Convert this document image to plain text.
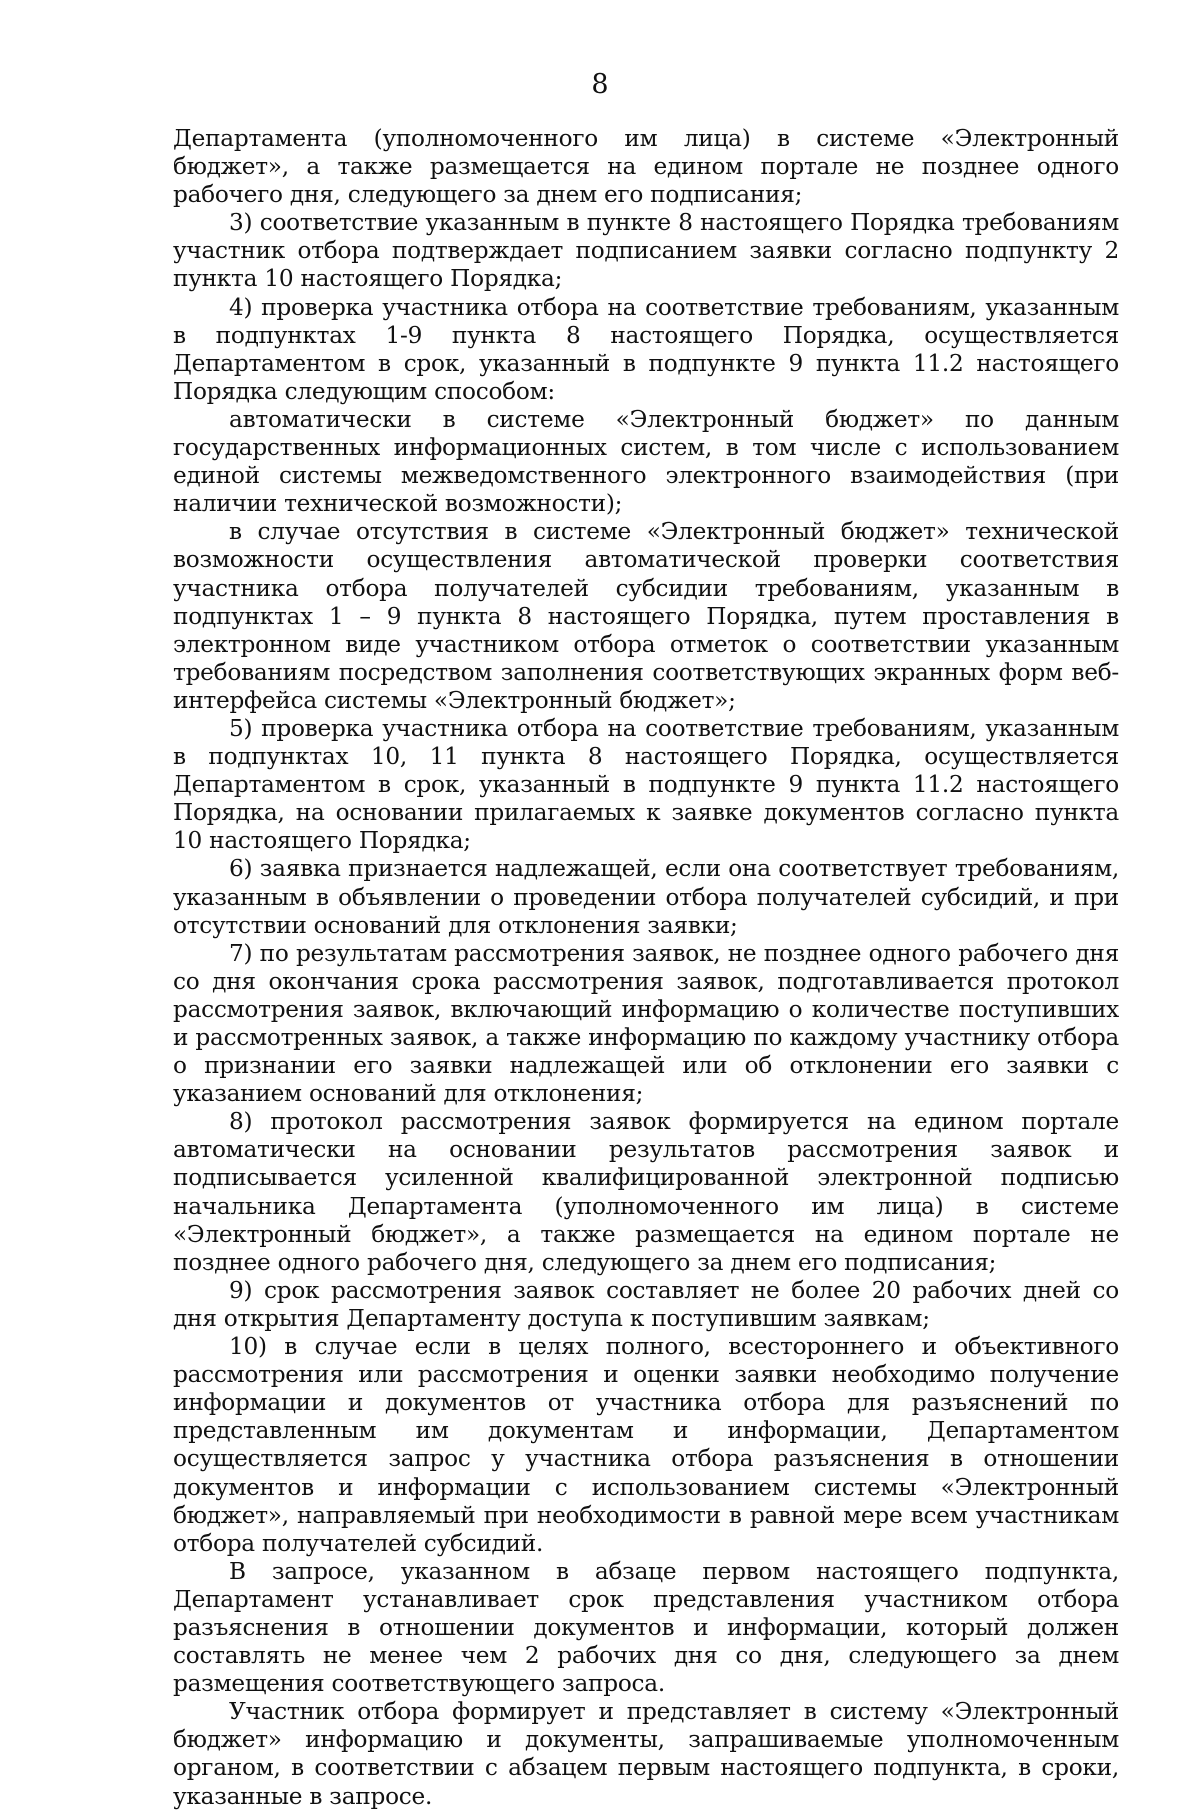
8

Департамента (уполномоченного им лица) в системе «Электронный бюджет», а также размещается на едином портале не позднее одного рабочего дня, следующего за днем его подписания;

3) соответствие указанным в пункте 8 настоящего Порядка требованиям участник отбора подтверждает подписанием заявки согласно подпункту 2 пункта 10 настоящего Порядка;

4) проверка участника отбора на соответствие требованиям, указанным в подпунктах 1-9 пункта 8 настоящего Порядка, осуществляется Департаментом в срок, указанный в подпункте 9 пункта 11.2 настоящего Порядка следующим способом:

автоматически в системе «Электронный бюджет» по данным государственных информационных систем, в том числе с использованием единой системы межведомственного электронного взаимодействия (при наличии технической возможности);

в случае отсутствия в системе «Электронный бюджет» технической возможности осуществления автоматической проверки соответствия участника отбора получателей субсидии требованиям, указанным в подпунктах 1 – 9 пункта 8 настоящего Порядка, путем проставления в электронном виде участником отбора отметок о соответствии указанным требованиям посредством заполнения соответствующих экранных форм веб-интерфейса системы «Электронный бюджет»;

5) проверка участника отбора на соответствие требованиям, указанным в подпунктах 10, 11 пункта 8 настоящего Порядка, осуществляется Департаментом в срок, указанный в подпункте 9 пункта 11.2 настоящего Порядка, на основании прилагаемых к заявке документов согласно пункта 10 настоящего Порядка;

6) заявка признается надлежащей, если она соответствует требованиям, указанным в объявлении о проведении отбора получателей субсидий, и при отсутствии оснований для отклонения заявки;

7) по результатам рассмотрения заявок, не позднее одного рабочего дня со дня окончания срока рассмотрения заявок, подготавливается протокол рассмотрения заявок, включающий информацию о количестве поступивших и рассмотренных заявок, а также информацию по каждому участнику отбора о признании его заявки надлежащей или об отклонении его заявки с указанием оснований для отклонения;

8) протокол рассмотрения заявок формируется на едином портале автоматически на основании результатов рассмотрения заявок и подписывается усиленной квалифицированной электронной подписью начальника Департамента (уполномоченного им лица) в системе «Электронный бюджет», а также размещается на едином портале не позднее одного рабочего дня, следующего за днем его подписания;

9) срок рассмотрения заявок составляет не более 20 рабочих дней со дня открытия Департаменту доступа к поступившим заявкам;

10) в случае если в целях полного, всестороннего и объективного рассмотрения или рассмотрения и оценки заявки необходимо получение информации и документов от участника отбора для разъяснений по представленным им документам и информации, Департаментом осуществляется запрос у участника отбора разъяснения в отношении документов и информации с использованием системы «Электронный бюджет», направляемый при необходимости в равной мере всем участникам отбора получателей субсидий.

В запросе, указанном в абзаце первом настоящего подпункта, Департамент устанавливает срок представления участником отбора разъяснения в отношении документов и информации, который должен составлять не менее чем 2 рабочих дня со дня, следующего за днем размещения соответствующего запроса.

Участник отбора формирует и представляет в систему «Электронный бюджет» информацию и документы, запрашиваемые уполномоченным органом, в соответствии с абзацем первым настоящего подпункта, в сроки, указанные в запросе.
